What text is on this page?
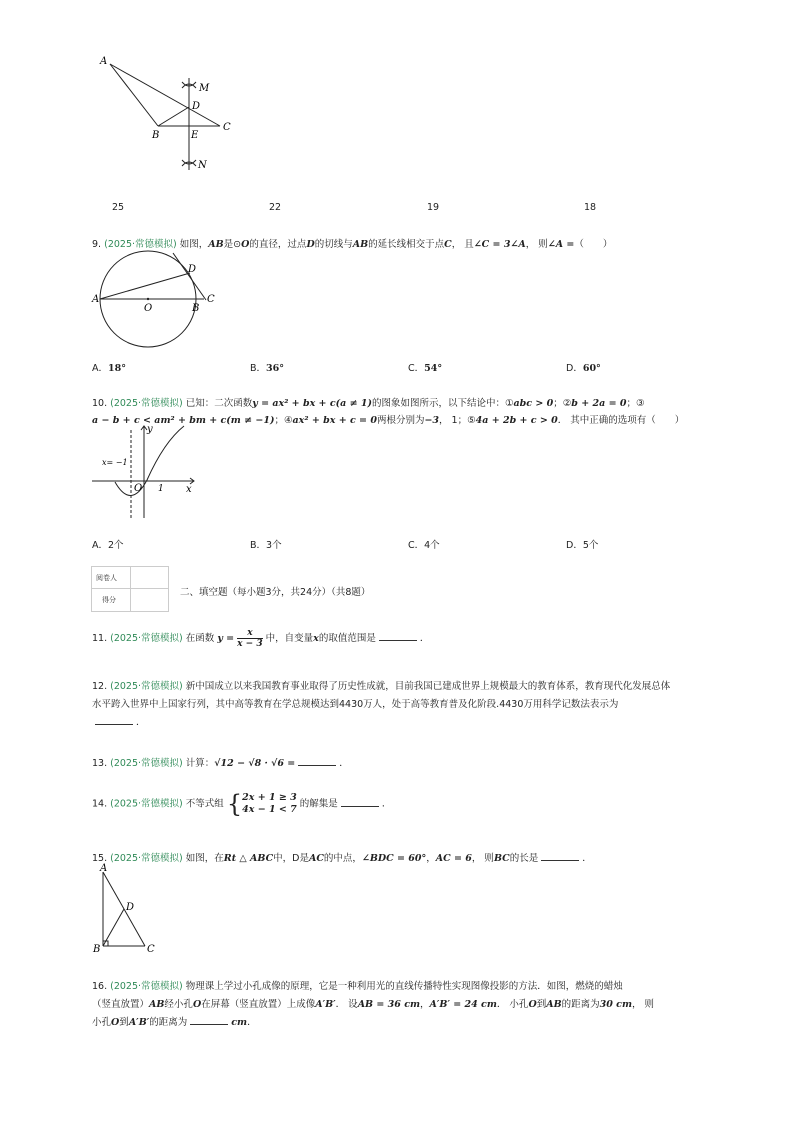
A
M
D
B	E
C
N
25	22	19	18
9. (2025·常德模拟) 如图，AB是⊙O的直径，过点D的切线与AB的延长线相交于点C， 且∠C = 3∠A， 则∠A =（　　）
A
D
C
O	B
A．18°	B．36°	C．54°	D．60°
10. (2025·常德模拟) 已知：二次函数y = ax² + bx + c(a ≠ 1)的图象如图所示，以下结论中：①abc > 0；②b + 2a = 0；③
a − b + c < am² + bm + c(m ≠ −1)；④ax² + bx + c = 0两根分别为−3， 1；⑤4a + 2b + c > 0． 其中正确的选项有（　　）
y
x
O 1
x= −1
A．2个	B．3个	C．4个	D．5个
阅卷人
得分
二、填空题（每小题3分，共24分）（共8题）
11. (2025·常德模拟) 在函数 $y = \frac{x}{x - 3}$ 中，自变量x的取值范围是	．
12. (2025·常德模拟) 新中国成立以来我国教育事业取得了历史性成就，目前我国已建成世界上规模最大的教育体系，教育现代化发展总体
水平跨入世界中上国家行列，其中高等教育在学总规模达到4430万人，处于高等教育普及化阶段.4430万用科学记数法表示为
．
13. (2025·常德模拟) 计算：√12 − √8 · √6 =	．
14. (2025·常德模拟) 不等式组 { 2x + 1 ≥ 3
4x − 1 < 7 的解集是	．
15. (2025·常德模拟) 如图，在Rt △ ABC中，D是AC的中点，∠BDC = 60°，AC = 6， 则BC的长是	．
A
D
B	C
16. (2025·常德模拟) 物理课上学过小孔成像的原理，它是一种利用光的直线传播特性实现图像投影的方法．如图，燃烧的蜡烛
（竖直放置）AB经小孔O在屏幕（竖直放置）上成像A′B′． 设AB = 36 cm，A′B′ = 24 cm． 小孔O到AB的距离为30 cm， 则
小孔O到A′B′的距离为	cm．
